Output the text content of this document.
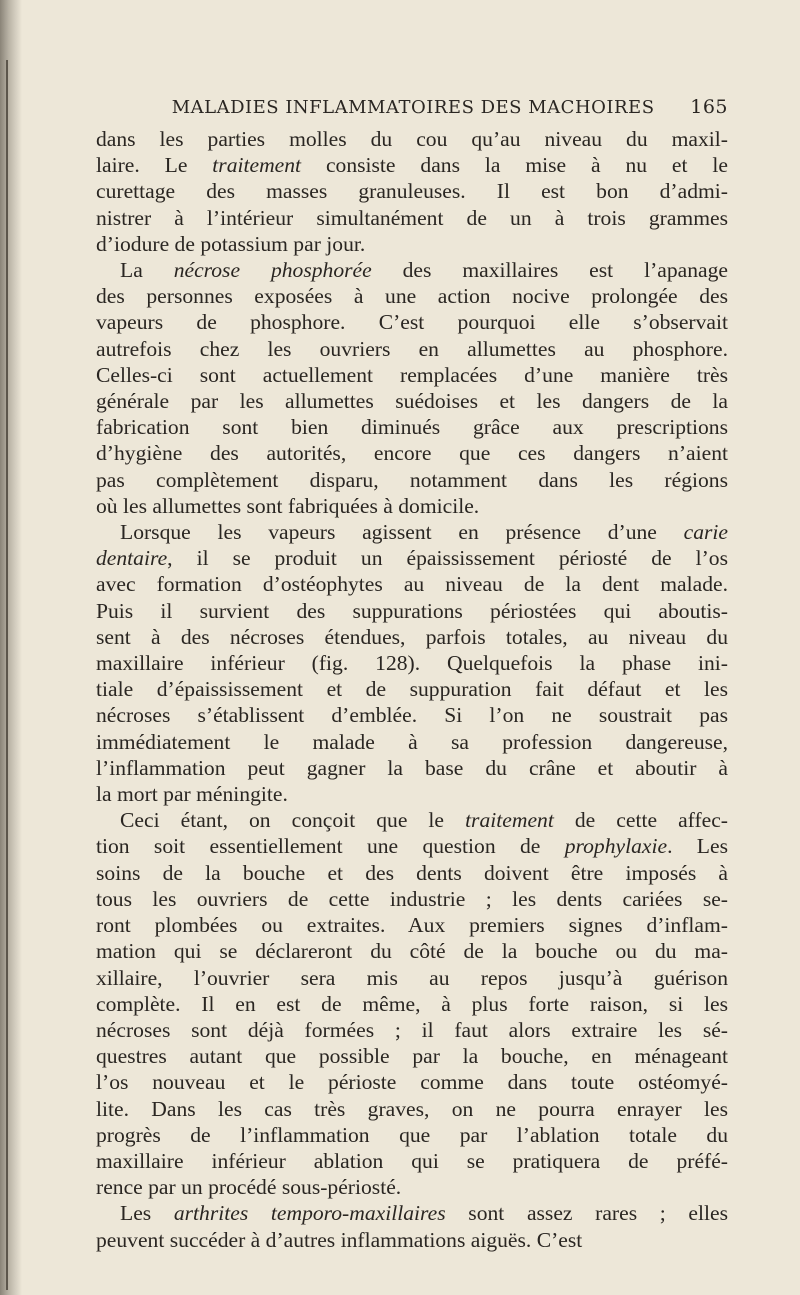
MALADIES INFLAMMATOIRES DES MACHOIRES	165
dans les parties molles du cou qu’au niveau du maxil-
laire. Le traitement consiste dans la mise à nu et le
curettage des masses granuleuses. Il est bon d’admi-
nistrer à l’intérieur simultanément de un à trois grammes
d’iodure de potassium par jour.
La nécrose phosphorée des maxillaires est l’apanage
des personnes exposées à une action nocive prolongée des
vapeurs de phosphore. C’est pourquoi elle s’observait
autrefois chez les ouvriers en allumettes au phosphore.
Celles-ci sont actuellement remplacées d’une manière très
générale par les allumettes suédoises et les dangers de la
fabrication sont bien diminués grâce aux prescriptions
d’hygiène des autorités, encore que ces dangers n’aient
pas complètement disparu, notamment dans les régions
où les allumettes sont fabriquées à domicile.
Lorsque les vapeurs agissent en présence d’une carie
dentaire, il se produit un épaississement périosté de l’os
avec formation d’ostéophytes au niveau de la dent malade.
Puis il survient des suppurations périostées qui aboutis-
sent à des nécroses étendues, parfois totales, au niveau du
maxillaire inférieur (fig. 128). Quelquefois la phase ini-
tiale d’épaississement et de suppuration fait défaut et les
nécroses s’établissent d’emblée. Si l’on ne soustrait pas
immédiatement le malade à sa profession dangereuse,
l’inflammation peut gagner la base du crâne et aboutir à
la mort par méningite.
Ceci étant, on conçoit que le traitement de cette affec-
tion soit essentiellement une question de prophylaxie. Les
soins de la bouche et des dents doivent être imposés à
tous les ouvriers de cette industrie ; les dents cariées se-
ront plombées ou extraites. Aux premiers signes d’inflam-
mation qui se déclareront du côté de la bouche ou du ma-
xillaire, l’ouvrier sera mis au repos jusqu’à guérison
complète. Il en est de même, à plus forte raison, si les
nécroses sont déjà formées ; il faut alors extraire les sé-
questres autant que possible par la bouche, en ménageant
l’os nouveau et le périoste comme dans toute ostéomyé-
lite. Dans les cas très graves, on ne pourra enrayer les
progrès de l’inflammation que par l’ablation totale du
maxillaire inférieur ablation qui se pratiquera de préfé-
rence par un procédé sous-périosté.
Les arthrites temporo-maxillaires sont assez rares ; elles
peuvent succéder à d’autres inflammations aiguës. C’est
